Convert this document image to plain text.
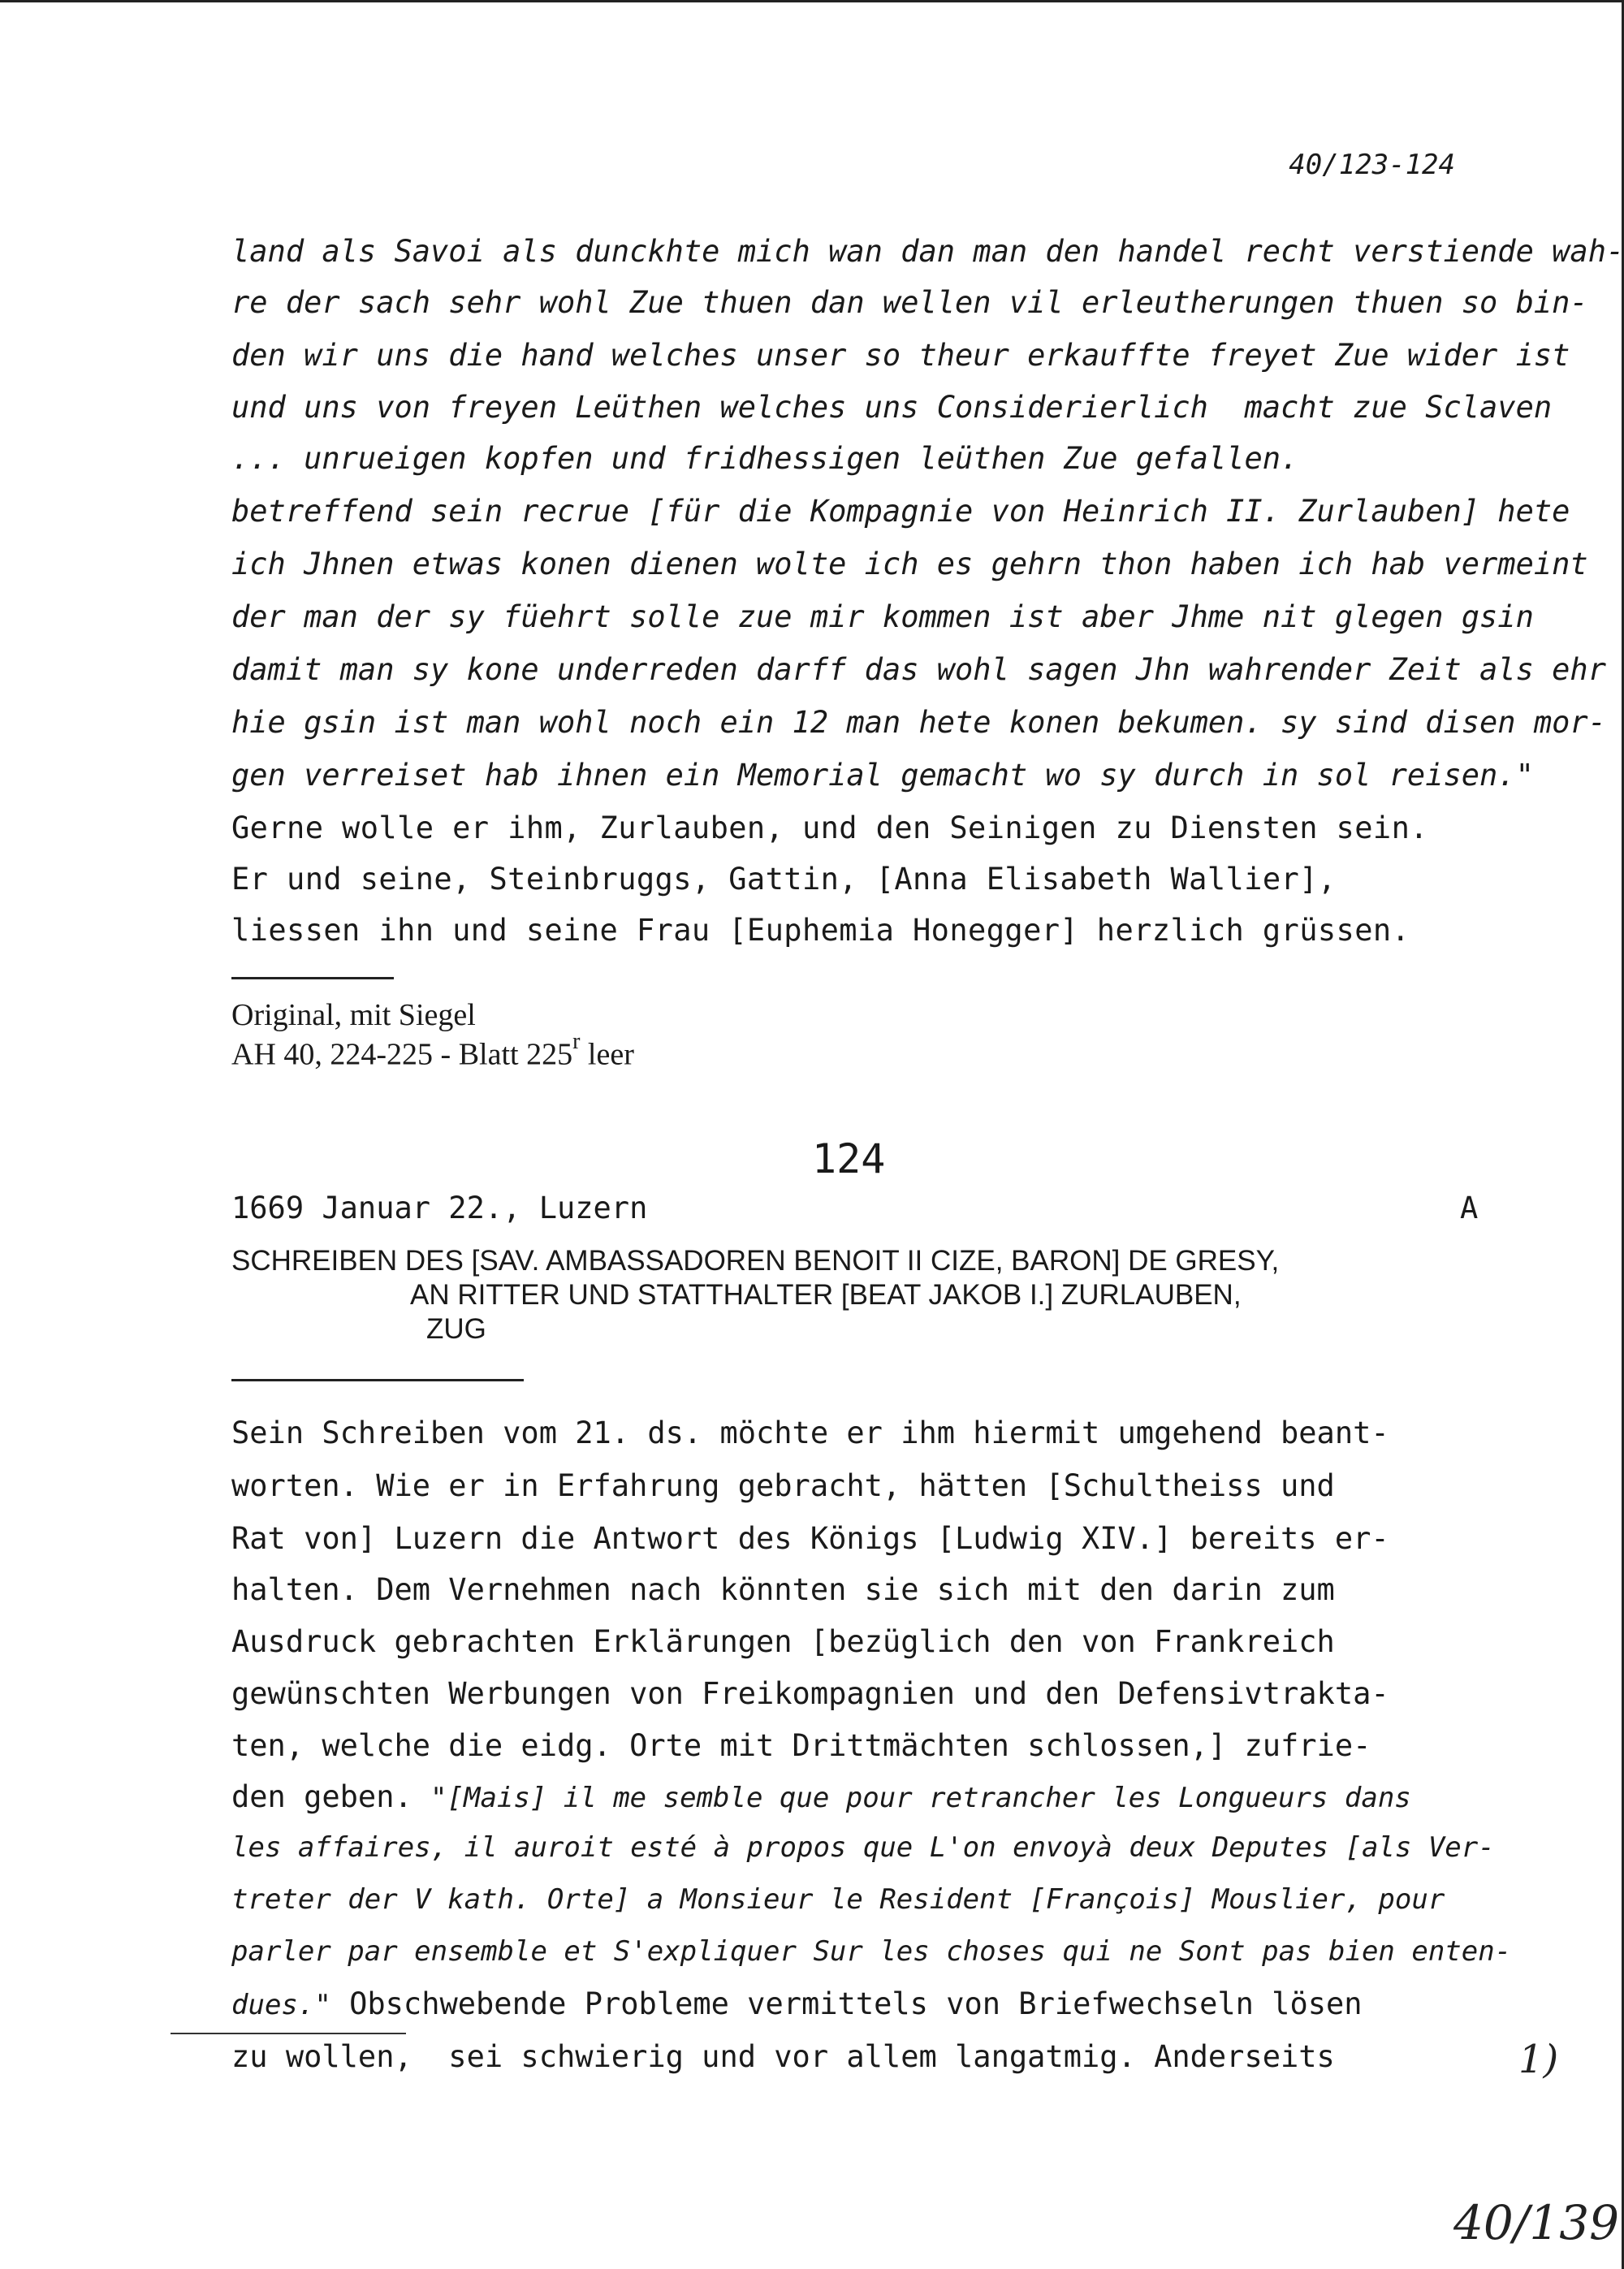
40/123-124
land als Savoi als dunckhte mich wan dan man den handel recht verstiende wah-
re der sach sehr wohl Zue thuen dan wellen vil erleutherungen thuen so bin-
den wir uns die hand welches unser so theur erkauffte freyet Zue wider ist
und uns von freyen Leüthen welches uns Considerierlich  macht zue Sclaven
... unrueigen kopfen und fridhessigen leüthen Zue gefallen.
betreffend sein recrue [für die Kompagnie von Heinrich II. Zurlauben] hete
ich Jhnen etwas konen dienen wolte ich es gehrn thon haben ich hab vermeint
der man der sy füehrt solle zue mir kommen ist aber Jhme nit glegen gsin
damit man sy kone underreden darff das wohl sagen Jhn wahrender Zeit als ehr
hie gsin ist man wohl noch ein 12 man hete konen bekumen. sy sind disen mor-
gen verreiset hab ihnen ein Memorial gemacht wo sy durch in sol reisen."
Gerne wolle er ihm, Zurlauben, und den Seinigen zu Diensten sein.
Er und seine, Steinbruggs, Gattin, [Anna Elisabeth Wallier],
liessen ihn und seine Frau [Euphemia Honegger] herzlich grüssen.
Original, mit Siegel
AH 40, 224-225 - Blatt 225$^r$ leer
124
1669 Januar 22., Luzern	A
SCHREIBEN DES [SAV. AMBASSADOREN BENOIT II CIZE, BARON] DE GRESY,
AN RITTER UND STATTHALTER [BEAT JAKOB I.] ZURLAUBEN,
ZUG
Sein Schreiben vom 21. ds. möchte er ihm hiermit umgehend beant-
worten. Wie er in Erfahrung gebracht, hätten [Schultheiss und
Rat von] Luzern die Antwort des Königs [Ludwig XIV.] bereits er-
halten. Dem Vernehmen nach könnten sie sich mit den darin zum
Ausdruck gebrachten Erklärungen [bezüglich den von Frankreich
gewünschten Werbungen von Freikompagnien und den Defensivtrakta-
ten, welche die eidg. Orte mit Drittmächten schlossen,] zufrie-
den geben. "[Mais] il me semble que pour retrancher les Longueurs dans
les affaires, il auroit esté à propos que L'on envoyà deux Deputes [als Ver-
treter der V kath. Orte] a Monsieur le Resident [François] Mouslier, pour
parler par ensemble et S'expliquer Sur les choses qui ne Sont pas bien enten-
dues." Obschwebende Probleme vermittels von Briefwechseln lösen
zu wollen,  sei schwierig und vor allem langatmig. Anderseits	1)
40/139
